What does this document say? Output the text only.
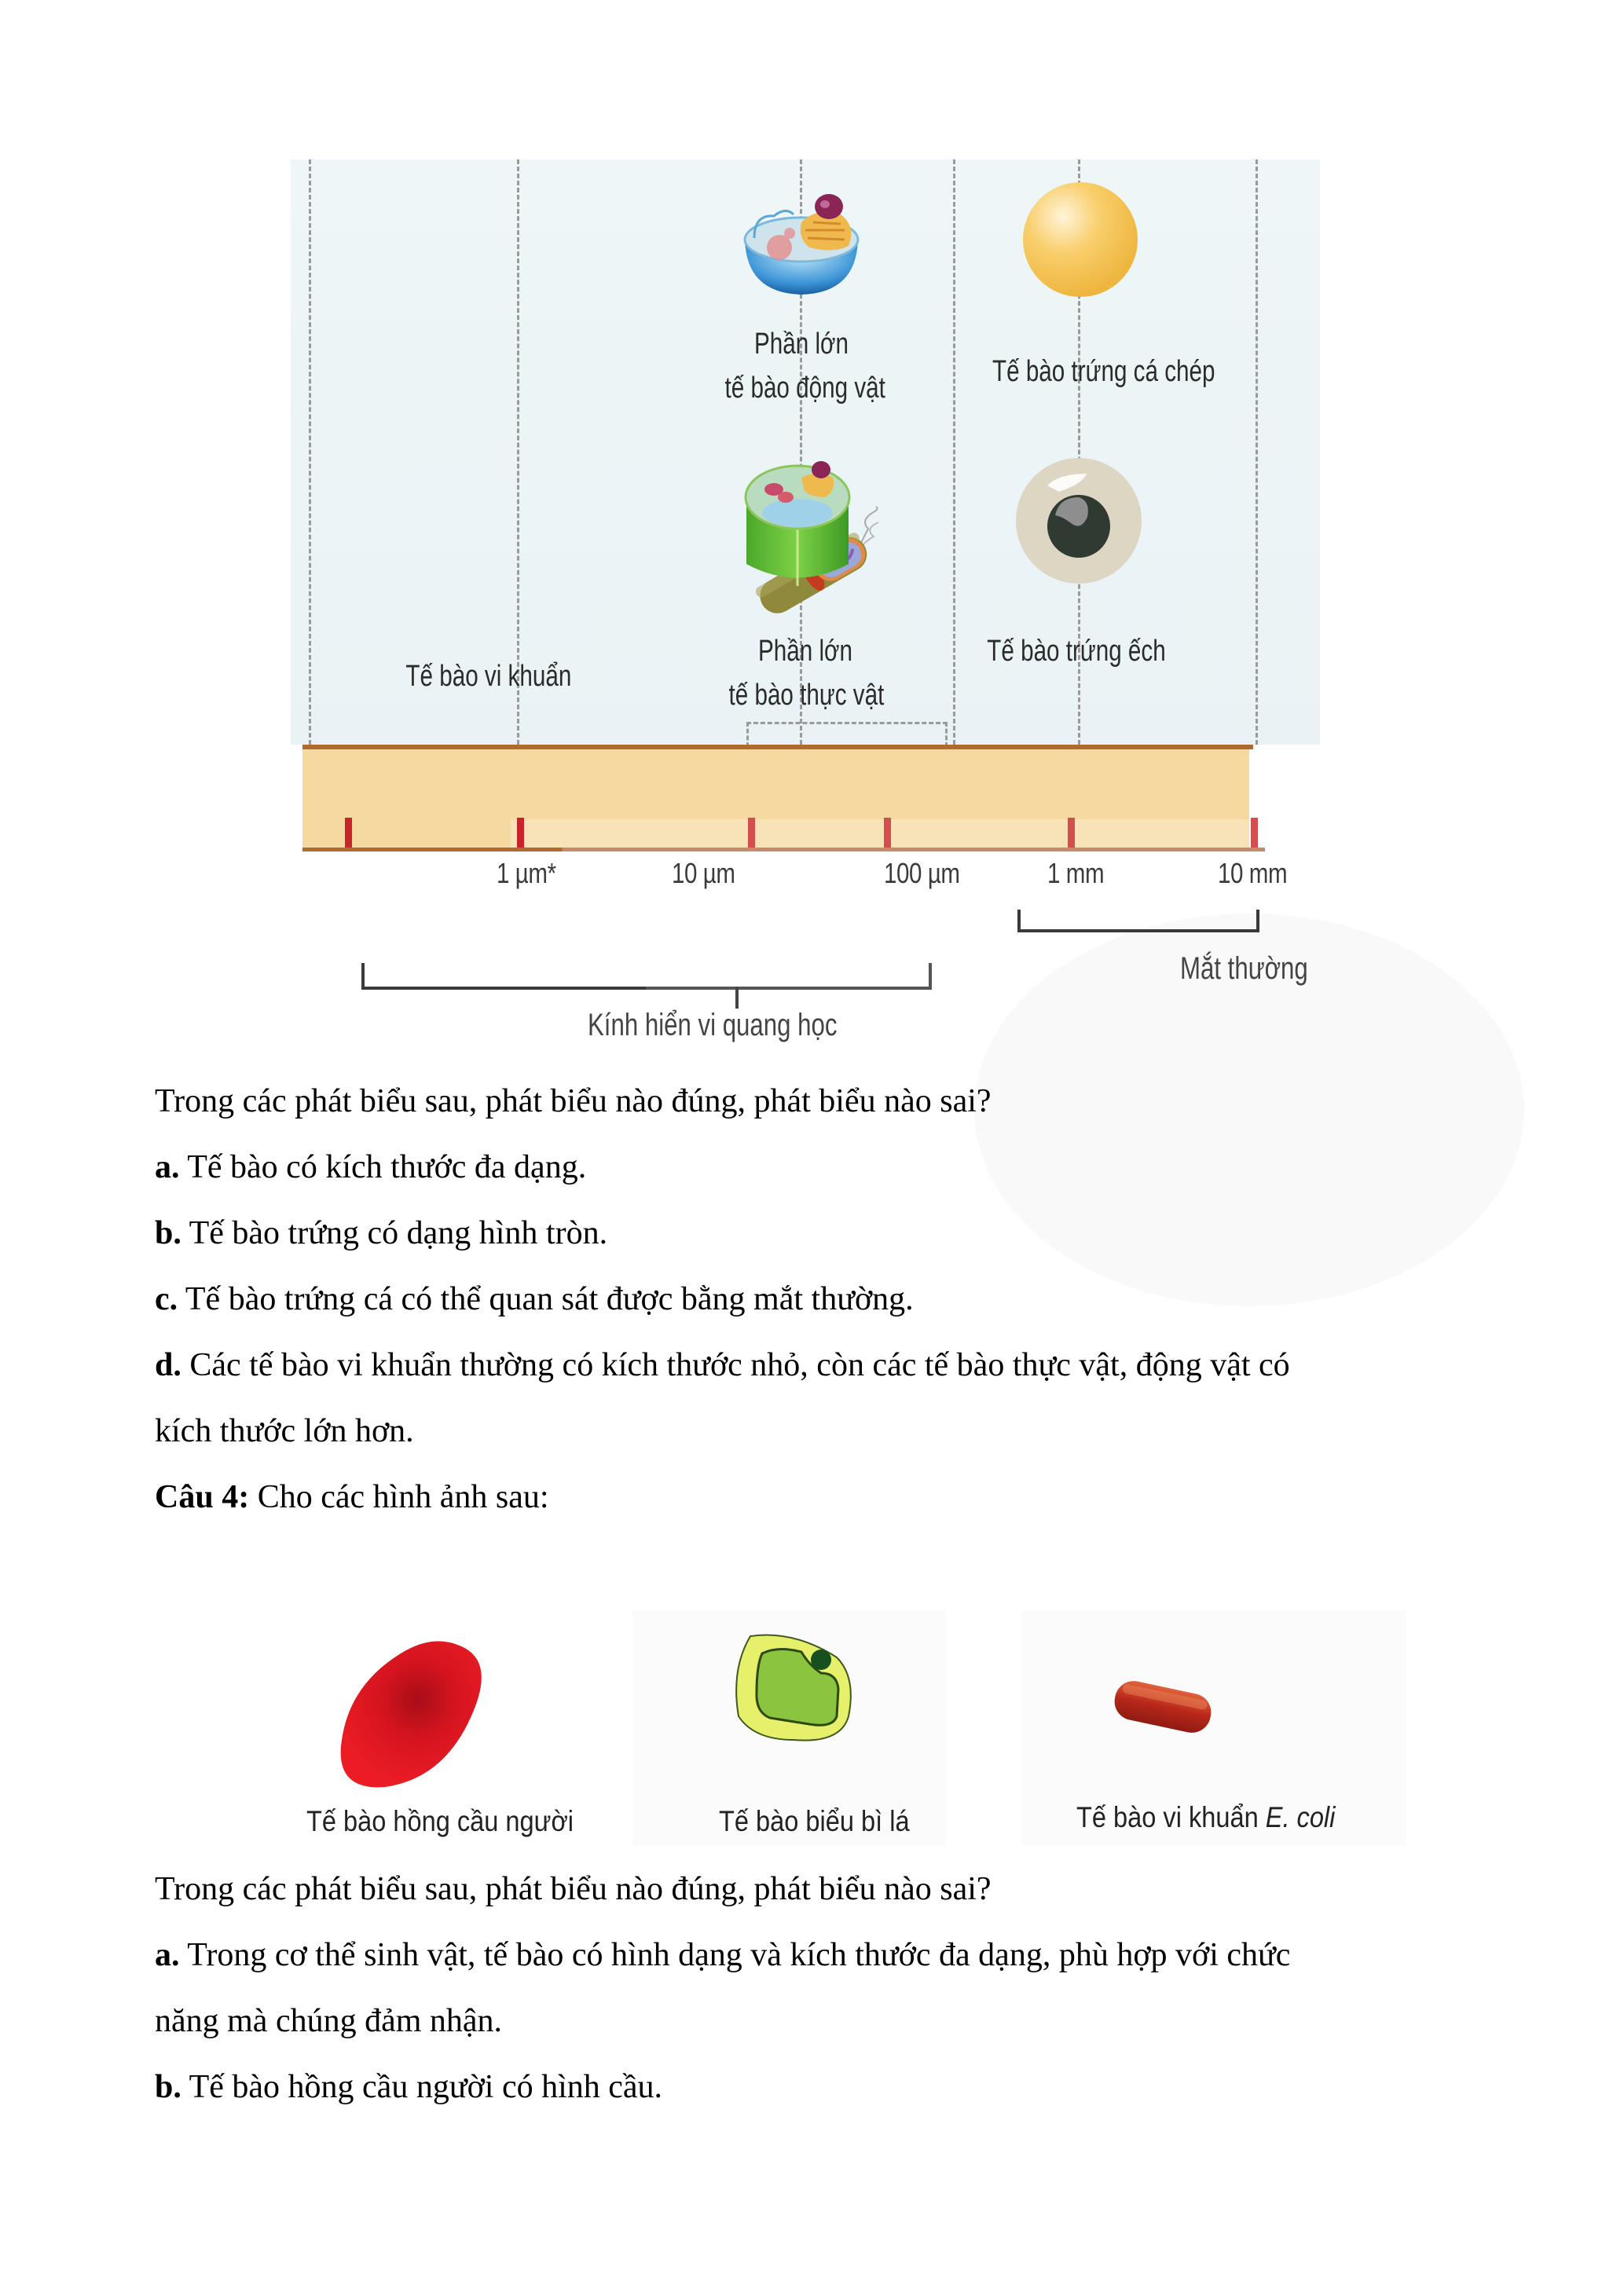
Phần lớn
tế bào động vật	Tế bào trứng cá chép
Tế bào vi khuẩn
Phần lớn
tế bào thực vật
Tế bào trứng ếch
1 µm*	10 µm	100 µm	1 mm	10 mm
Mắt thường
Kính hiển vi quang học
Trong các phát biểu sau, phát biểu nào đúng, phát biểu nào sai?
a. Tế bào có kích thước đa dạng.
b. Tế bào trứng có dạng hình tròn.
c. Tế bào trứng cá có thể quan sát được bằng mắt thường.
d. Các tế bào vi khuẩn thường có kích thước nhỏ, còn các tế bào thực vật, động vật có
kích thước lớn hơn.
Câu 4: Cho các hình ảnh sau:
Tế bào hồng cầu người	Tế bào biểu bì lá	Tế bào vi khuẩn E. coli
Trong các phát biểu sau, phát biểu nào đúng, phát biểu nào sai?
a. Trong cơ thể sinh vật, tế bào có hình dạng và kích thước đa dạng, phù hợp với chức
năng mà chúng đảm nhận.
b. Tế bào hồng cầu người có hình cầu.
